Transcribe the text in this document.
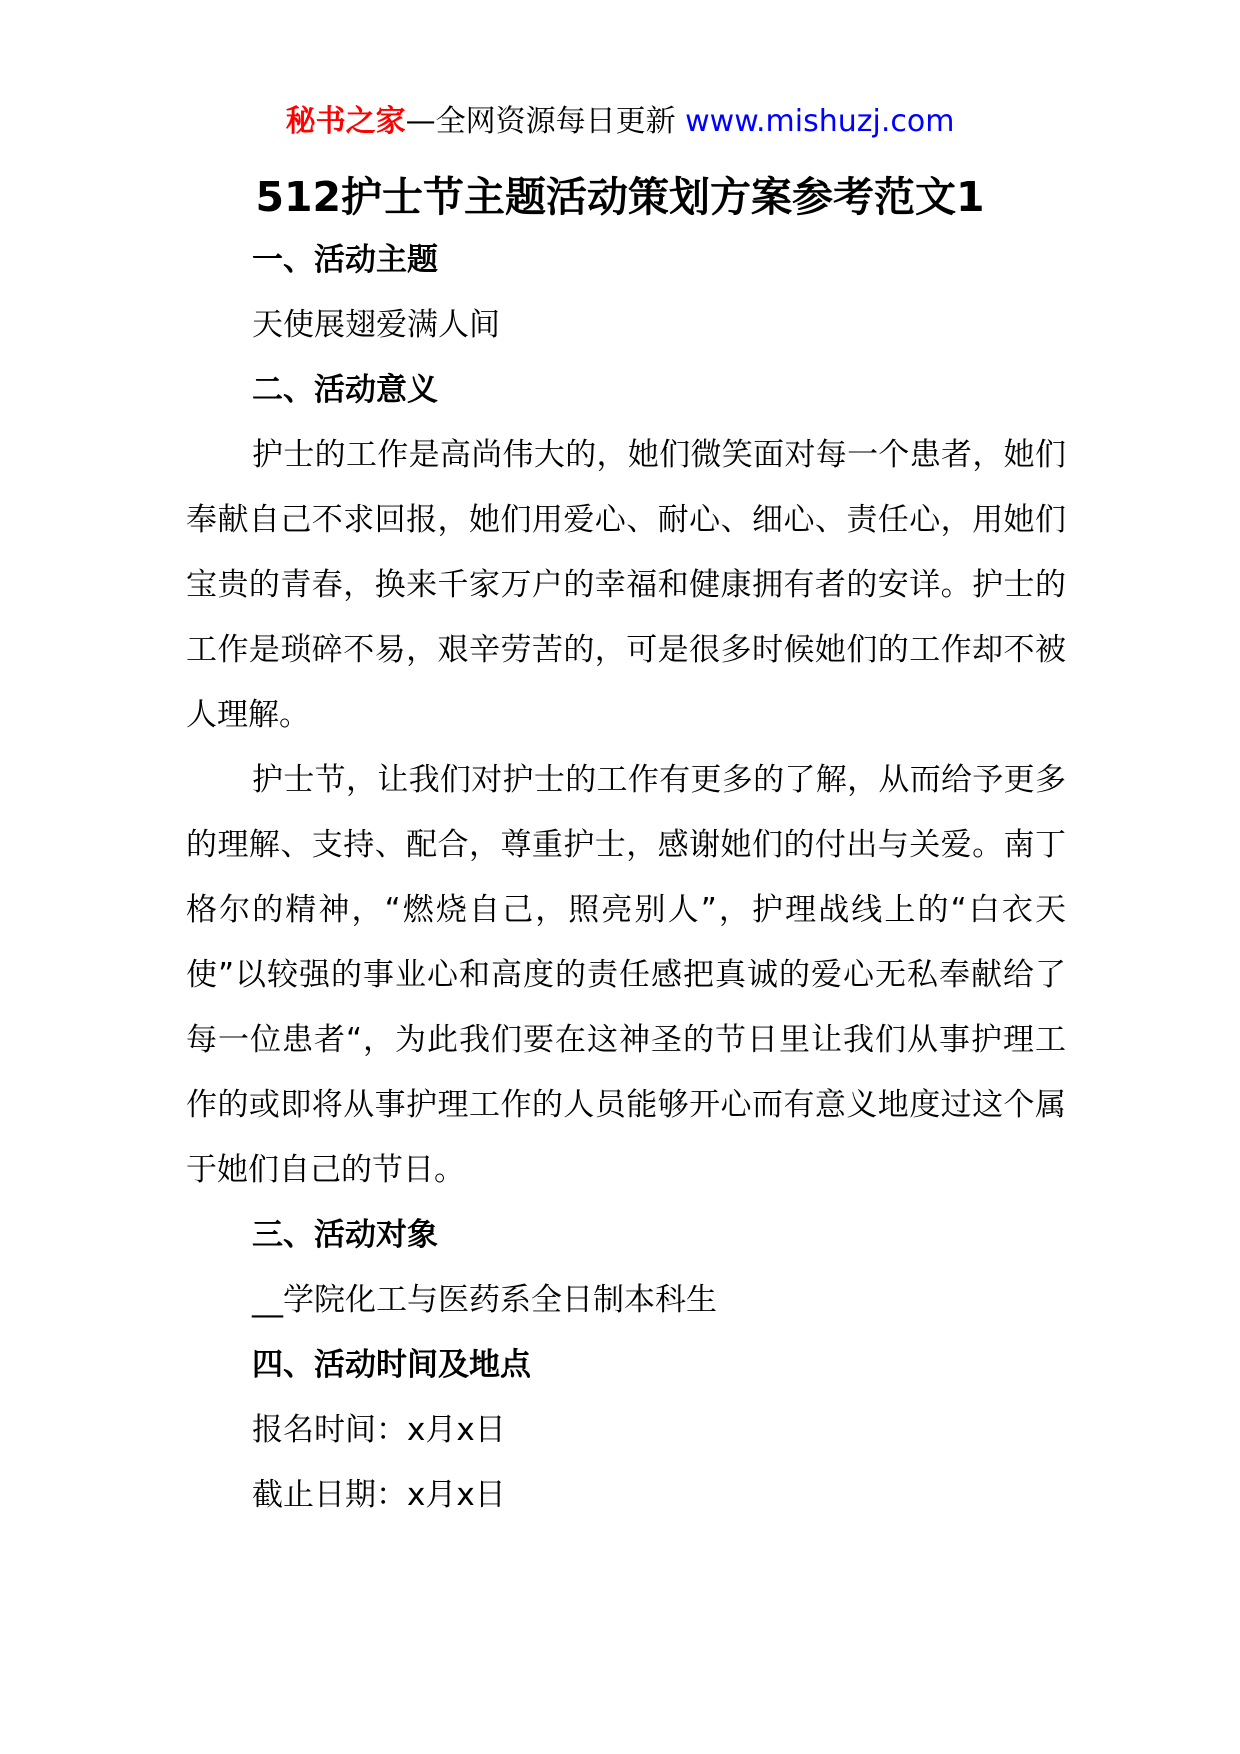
秘书之家—全网资源每日更新 www.mishuzj.com
512护士节主题活动策划方案参考范文1

一、活动主题

天使展翅爱满人间

二、活动意义

护士的工作是高尚伟大的，她们微笑面对每一个患者，她们奉献自己不求回报，她们用爱心、耐心、细心、责任心，用她们宝贵的青春，换来千家万户的幸福和健康拥有者的安详。护士的工作是琐碎不易，艰辛劳苦的，可是很多时候她们的工作却不被人理解。

护士节，让我们对护士的工作有更多的了解，从而给予更多的理解、支持、配合，尊重护士，感谢她们的付出与关爱。南丁格尔的精神，“燃烧自己，照亮别人”，护理战线上的“白衣天使”以较强的事业心和高度的责任感把真诚的爱心无私奉献给了每一位患者“，为此我们要在这神圣的节日里让我们从事护理工作的或即将从事护理工作的人员能够开心而有意义地度过这个属于她们自己的节日。

三、活动对象

__学院化工与医药系全日制本科生

四、活动时间及地点

报名时间：x月x日

截止日期：x月x日
